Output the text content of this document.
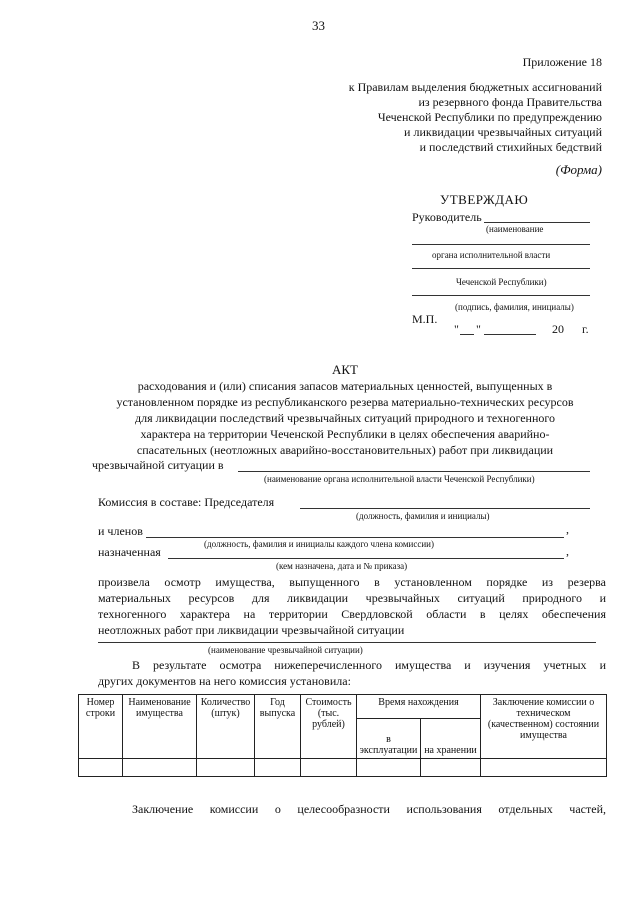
33
Приложение 18
к Правилам выделения бюджетных ассигнований
из резервного фонда Правительства
Чеченской Республики по предупреждению
и ликвидации чрезвычайных ситуаций
и последствий стихийных бедствий
(Форма)
УТВЕРЖДАЮ
Руководитель
(наименование
органа исполнительной власти
Чеченской Республики)
(подпись, фамилия, инициалы)
М.П.
" "	20 г.
АКТ
расходования и (или) списания запасов материальных ценностей, выпущенных в
установленном порядке из республиканского резерва материально-технических ресурсов
для ликвидации последствий чрезвычайных ситуаций природного и техногенного
характера на территории Чеченской Республики в целях обеспечения аварийно-
спасательных (неотложных аварийно-восстановительных) работ при ликвидации
чрезвычайной ситуации в
(наименование органа исполнительной власти Чеченской Республики)
Комиссия в составе: Председателя
(должность, фамилия и инициалы)
и членов	,
(должность, фамилия и инициалы каждого члена комиссии)
назначенная	,
(кем назначена, дата и № приказа)
произвела осмотр имущества, выпущенного в установленном порядке из резерва
материальных ресурсов для ликвидации чрезвычайных ситуаций природного и
техногенного характера на территории Свердловской области в целях обеспечения
неотложных работ при ликвидации чрезвычайной ситуации
(наименование чрезвычайной ситуации)
В результате осмотра нижеперечисленного имущества и изучения учетных и
других документов на него комиссия установила:
Номер строки	Наименование имущества	Количество (штук)	Год выпуска	Стоимость (тыс. рублей)	Время нахождения		Заключение комиссии о техническом (качественном) состоянии имущества
					в эксплуатации	на хранении	

Заключение комиссии о целесообразности использования отдельных частей,
